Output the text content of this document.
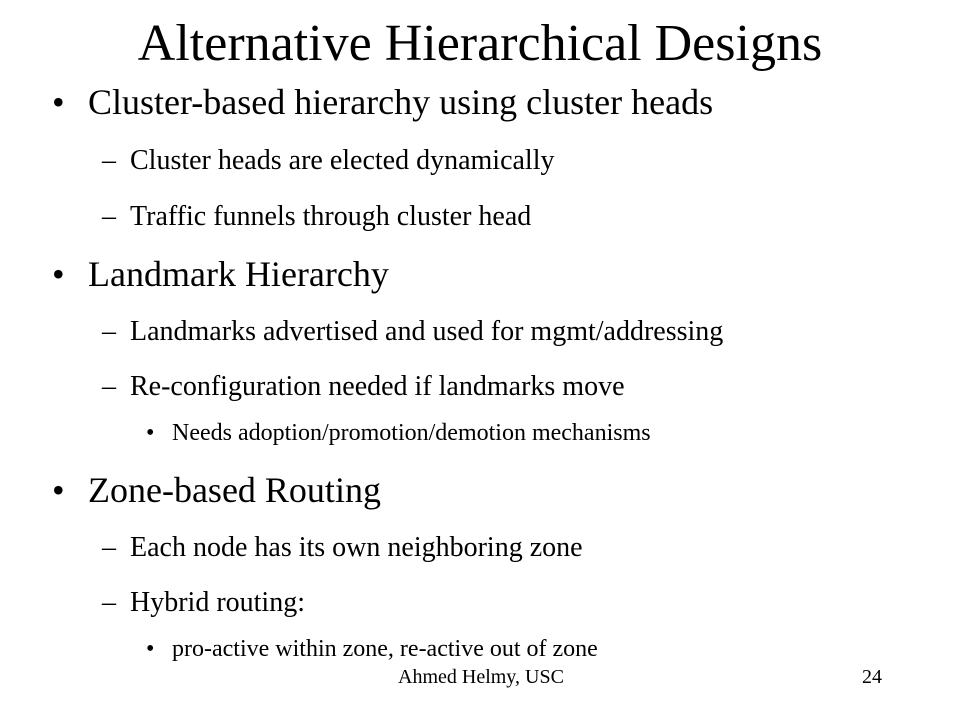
Alternative Hierarchical Designs
• Cluster-based hierarchy using cluster heads
– Cluster heads are elected dynamically
– Traffic funnels through cluster head
• Landmark Hierarchy
– Landmarks advertised and used for mgmt/addressing
– Re-configuration needed if landmarks move
• Needs adoption/promotion/demotion mechanisms
• Zone-based Routing
– Each node has its own neighboring zone
– Hybrid routing:
• pro-active within zone, re-active out of zone
Ahmed Helmy, USC	24
